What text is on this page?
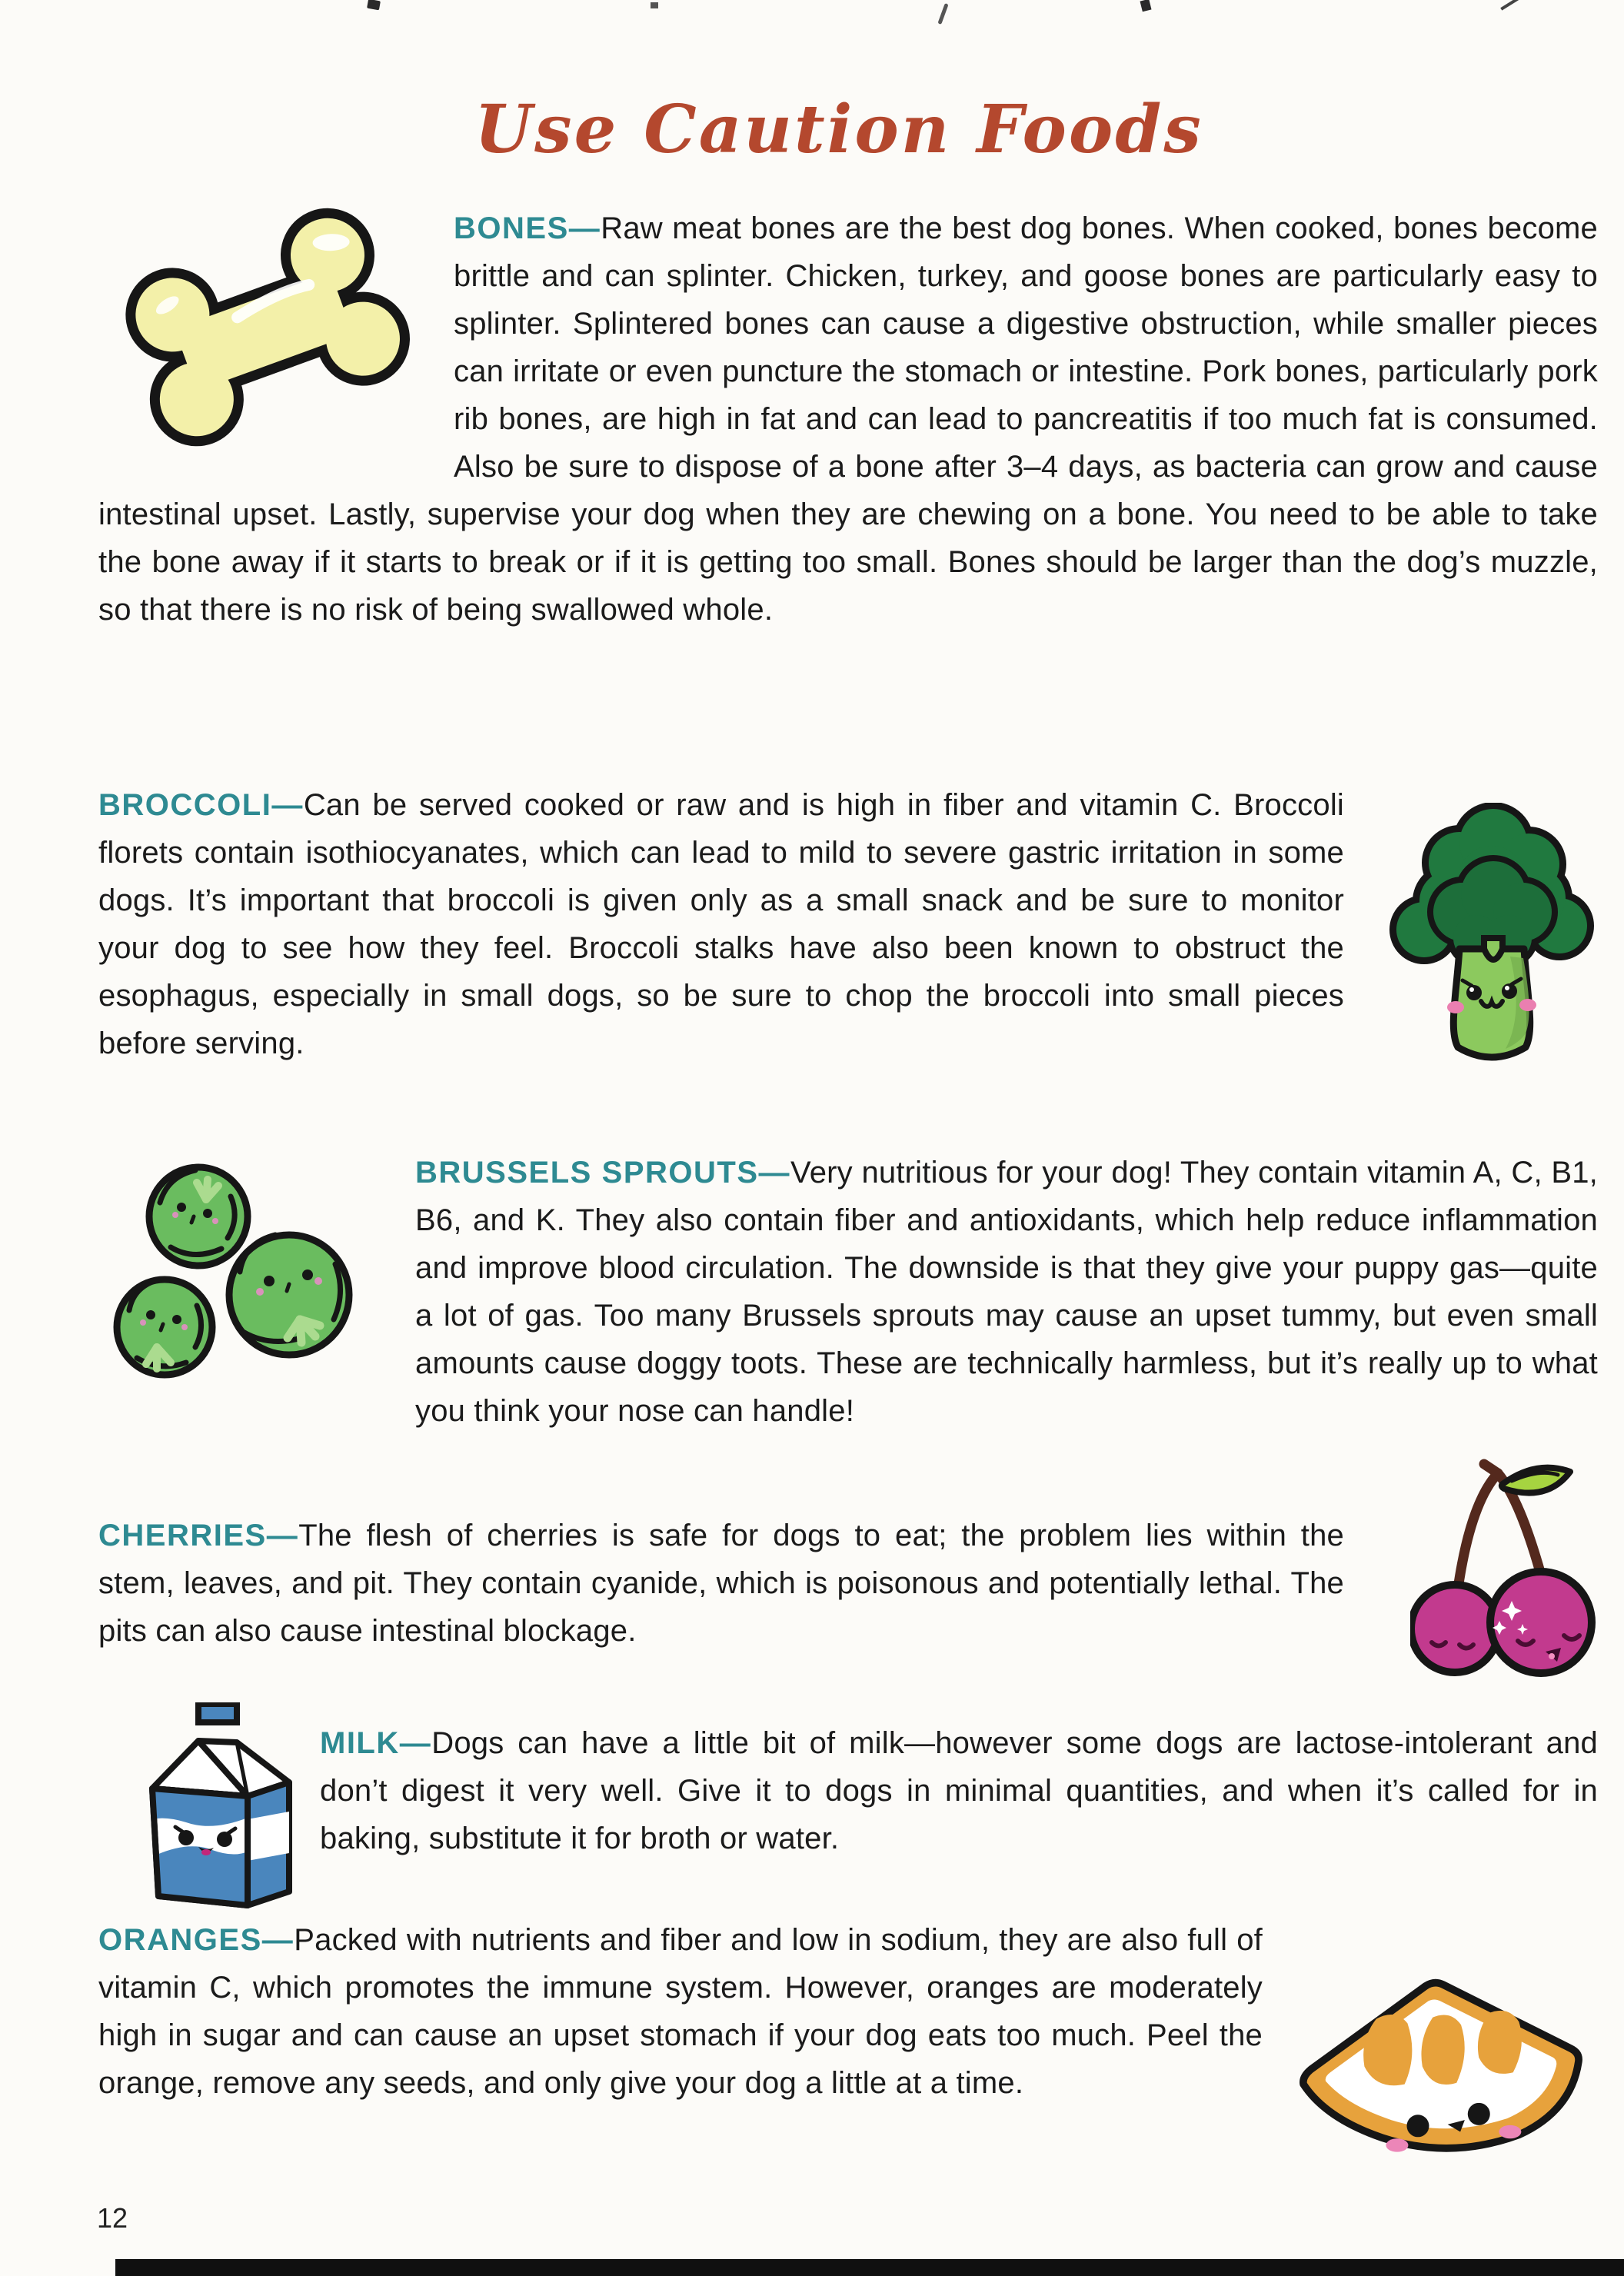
Use Caution Foods

BONES—Raw meat bones are the best dog bones. When cooked, bones become brittle and can splinter. Chicken, turkey, and goose bones are particularly easy to splinter. Splintered bones can cause a digestive obstruction, while smaller pieces can irritate or even puncture the stomach or intestine. Pork bones, particularly pork rib bones, are high in fat and can lead to pancreatitis if too much fat is consumed. Also be sure to dispose of a bone after 3–4 days, as bacteria can grow and cause intestinal upset. Lastly, supervise your dog when they are chewing on a bone. You need to be able to take the bone away if it starts to break or if it is getting too small. Bones should be larger than the dog’s muzzle, so that there is no risk of being swallowed whole.

BROCCOLI—Can be served cooked or raw and is high in fiber and vitamin C. Broccoli florets contain isothiocyanates, which can lead to mild to severe gastric irritation in some dogs. It’s important that broccoli is given only as a small snack and be sure to monitor your dog to see how they feel. Broccoli stalks have also been known to obstruct the esophagus, especially in small dogs, so be sure to chop the broccoli into small pieces before serving.

BRUSSELS SPROUTS—Very nutritious for your dog! They contain vitamin A, C, B1, B6, and K. They also contain fiber and antioxidants, which help reduce inflammation and improve blood circulation. The downside is that they give your puppy gas—quite a lot of gas. Too many Brussels sprouts may cause an upset tummy, but even small amounts cause doggy toots. These are technically harmless, but it’s really up to what you think your nose can handle!

CHERRIES—The flesh of cherries is safe for dogs to eat; the problem lies within the stem, leaves, and pit. They contain cyanide, which is poisonous and potentially lethal. The pits can also cause intestinal blockage.

MILK—Dogs can have a little bit of milk—however some dogs are lactose-intolerant and don’t digest it very well. Give it to dogs in minimal quantities, and when it’s called for in baking, substitute it for broth or water.

ORANGES—Packed with nutrients and fiber and low in sodium, they are also full of vitamin C, which promotes the immune system. However, oranges are moderately high in sugar and can cause an upset stomach if your dog eats too much. Peel the orange, remove any seeds, and only give your dog a little at a time.

12
